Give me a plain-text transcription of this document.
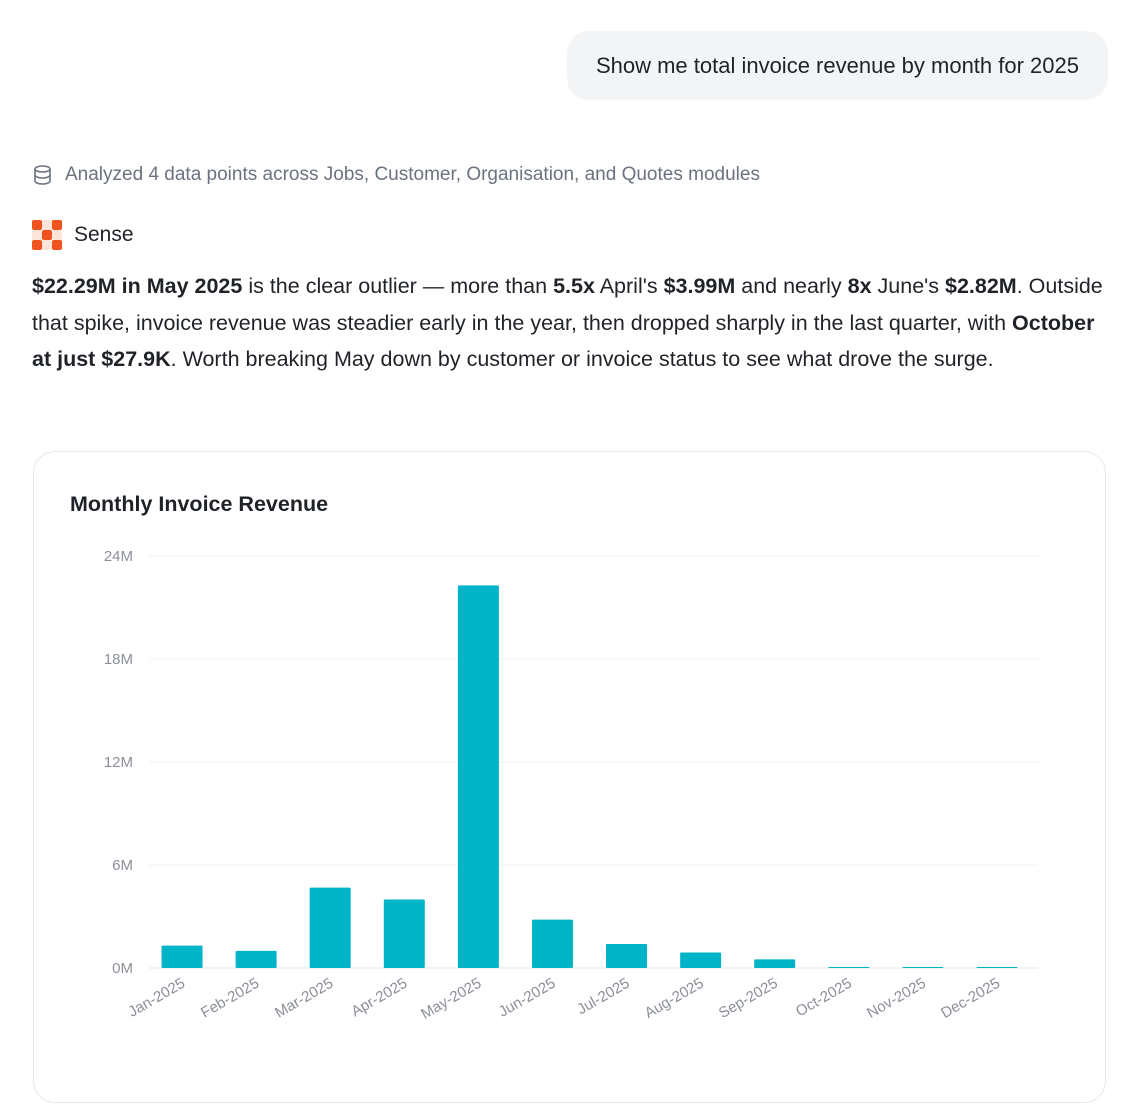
Show me total invoice revenue by month for 2025
Analyzed 4 data points across Jobs, Customer, Organisation, and Quotes modules
Sense

$22.29M in May 2025 is the clear outlier — more than 5.5x April's $3.99M and nearly 8x June's $2.82M. Outside that spike, invoice revenue was steadier early in the year, then dropped sharply in the last quarter, with October at just $27.9K. Worth breaking May down by customer or invoice status to see what drove the surge.

Monthly Invoice Revenue
0M
6M
12M
18M
24M
Jan-2025 Feb-2025 Mar-2025 Apr-2025 May-2025 Jun-2025 Jul-2025 Aug-2025 Sep-2025 Oct-2025 Nov-2025 Dec-2025
